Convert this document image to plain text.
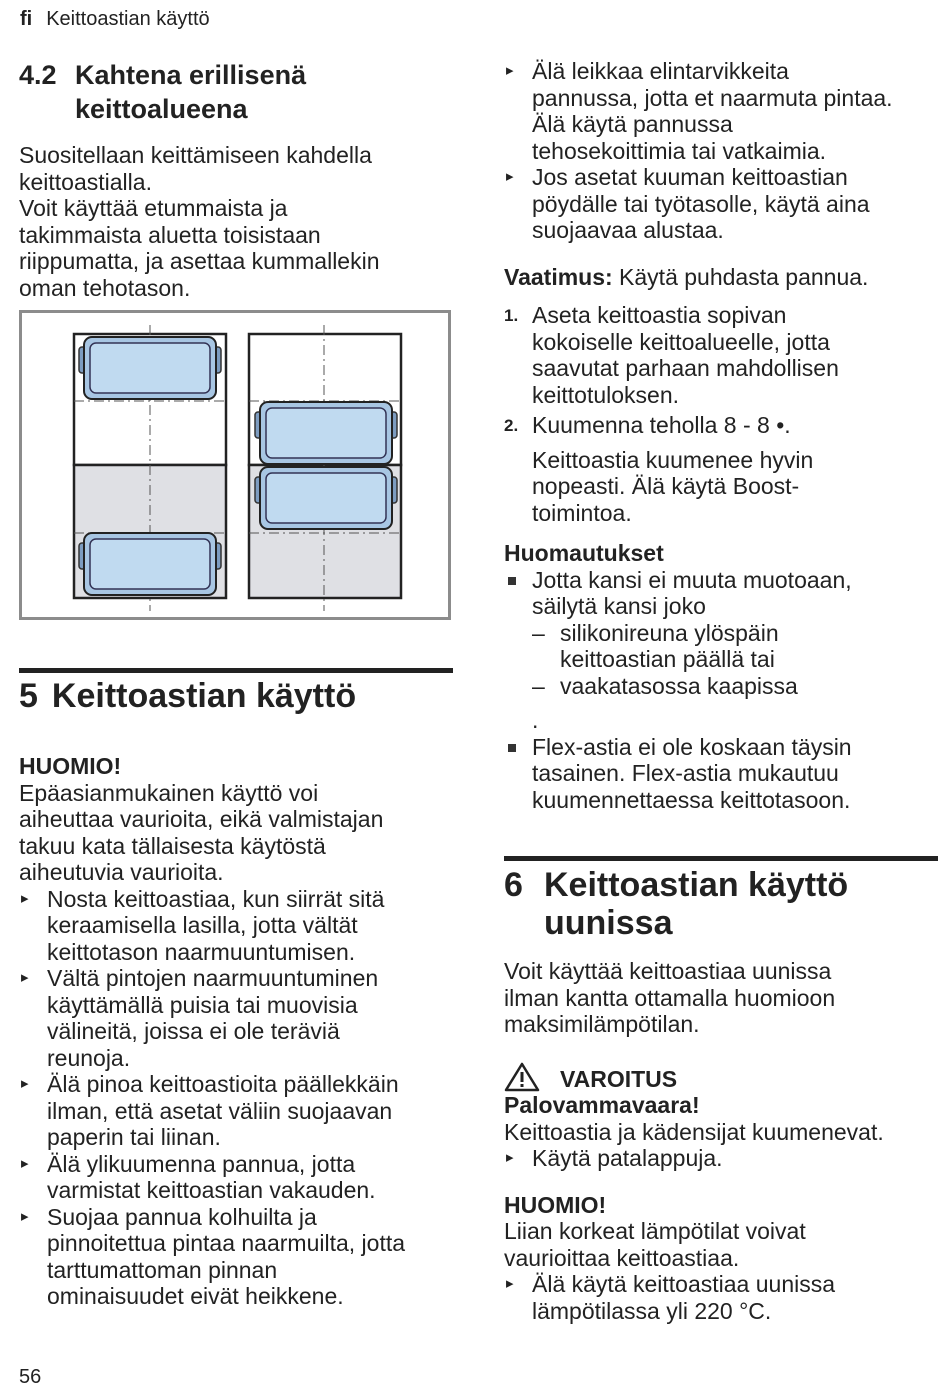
fi Keittoastian käyttö
4.2 Kahtena erillisenä
keittoalueena

Suositellaan keittämiseen kahdella

keittoastialla.

Voit käyttää etummaista ja

takimmaista aluetta toisistaan

riippumatta, ja asettaa kummallekin

oman tehotason.

5 Keittoastian käyttö

HUOMIO!

Epäasianmukainen käyttö voi

aiheuttaa vaurioita, eikä valmistajan

takuu kata tällaisesta käytöstä

aiheutuvia vaurioita.

▸ Nosta keittoastiaa, kun siirrät sitä

keraamisella lasilla, jotta vältät

keittotason naarmuuntumisen.

▸ Vältä pintojen naarmuuntuminen

käyttämällä puisia tai muovisia

välineitä, joissa ei ole teräviä

reunoja.

▸ Älä pinoa keittoastioita päällekkäin

ilman, että asetat väliin suojaavan

paperin tai liinan.

▸ Älä ylikuumenna pannua, jotta

varmistat keittoastian vakauden.

▸ Suojaa pannua kolhuilta ja

pinnoitettua pintaa naarmuilta, jotta

tarttumattoman pinnan

ominaisuudet eivät heikkene.

▸ Älä leikkaa elintarvikkeita

pannussa, jotta et naarmuta pintaa.

Älä käytä pannussa

tehosekoittimia tai vatkaimia.

▸ Jos asetat kuuman keittoastian

pöydälle tai työtasolle, käytä aina

suojaavaa alustaa.

Vaatimus: Käytä puhdasta pannua.

1. Aseta keittoastia sopivan

kokoiselle keittoalueelle, jotta

saavutat parhaan mahdollisen

keittotuloksen.

2. Kuumenna teholla 8 - 8 •.

Keittoastia kuumenee hyvin

nopeasti. Älä käytä Boost-

toimintoa.

Huomautukset

Jotta kansi ei muuta muotoaan,

säilytä kansi joko

– silikonireuna ylöspäin

keittoastian päällä tai

– vaakatasossa kaapissa

.

Flex-astia ei ole koskaan täysin

tasainen. Flex-astia mukautuu

kuumennettaessa keittotasoon.

6 Keittoastian käyttö
uunissa

Voit käyttää keittoastiaa uunissa

ilman kantta ottamalla huomioon

maksimilämpötilan.

VAROITUS

Palovammavaara!

Keittoastia ja kädensijat kuumenevat.

▸ Käytä patalappuja.

HUOMIO!

Liian korkeat lämpötilat voivat

vaurioittaa keittoastiaa.

▸ Älä käytä keittoastiaa uunissa

lämpötilassa yli 220 °C.

56
